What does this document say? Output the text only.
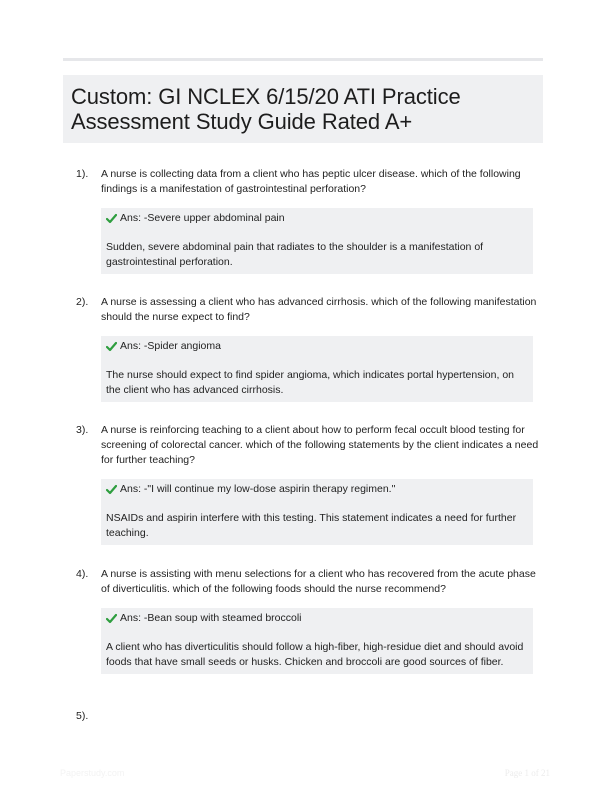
Custom: GI NCLEX 6/15/20 ATI Practice Assessment Study Guide Rated A+
1). A nurse is collecting data from a client who has peptic ulcer disease. which of the following findings is a manifestation of gastrointestinal perforation?
Ans: -Severe upper abdominal pain
Sudden, severe abdominal pain that radiates to the shoulder is a manifestation of gastrointestinal perforation.
2). A nurse is assessing a client who has advanced cirrhosis. which of the following manifestation should the nurse expect to find?
Ans: -Spider angioma
The nurse should expect to find spider angioma, which indicates portal hypertension, on the client who has advanced cirrhosis.
3). A nurse is reinforcing teaching to a client about how to perform fecal occult blood testing for screening of colorectal cancer. which of the following statements by the client indicates a need for further teaching?
Ans: -"I will continue my low-dose aspirin therapy regimen."
NSAIDs and aspirin interfere with this testing. This statement indicates a need for further teaching.
4). A nurse is assisting with menu selections for a client who has recovered from the acute phase of diverticulitis. which of the following foods should the nurse recommend?
Ans: -Bean soup with steamed broccoli
A client who has diverticulitis should follow a high-fiber, high-residue diet and should avoid foods that have small seeds or husks. Chicken and broccoli are good sources of fiber.
5).
Paperstudy.com	Page 1 of 21
